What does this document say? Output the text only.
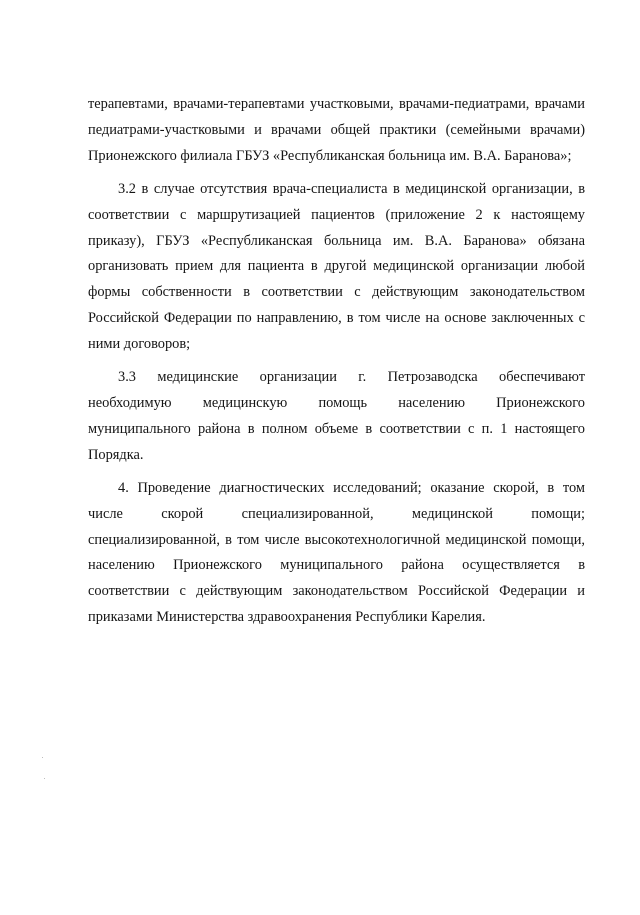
терапевтами, врачами-терапевтами участковыми, врачами-педиатрами, врачами
педиатрами-участковыми и врачами общей практики (семейными врачами)
Прионежского филиала ГБУЗ «Республиканская больница им. В.А. Баранова»;

3.2 в случае отсутствия врача-специалиста в медицинской организации, в
соответствии с маршрутизацией пациентов (приложение 2 к настоящему
приказу), ГБУЗ «Республиканская больница им. В.А. Баранова» обязана
организовать прием для пациента в другой медицинской организации любой
формы собственности в соответствии с действующим законодательством
Российской Федерации по направлению, в том числе на основе заключенных с
ними договоров;

3.3 медицинские организации г. Петрозаводска обеспечивают
необходимую медицинскую помощь населению Прионежского
муниципального района в полном объеме в соответствии с п. 1 настоящего
Порядка.

4. Проведение диагностических исследований; оказание скорой, в том
числе скорой специализированной, медицинской помощи;
специализированной, в том числе высокотехнологичной медицинской помощи,
населению Прионежского муниципального района осуществляется в
соответствии с действующим законодательством Российской Федерации и
приказами Министерства здравоохранения Республики Карелия.
